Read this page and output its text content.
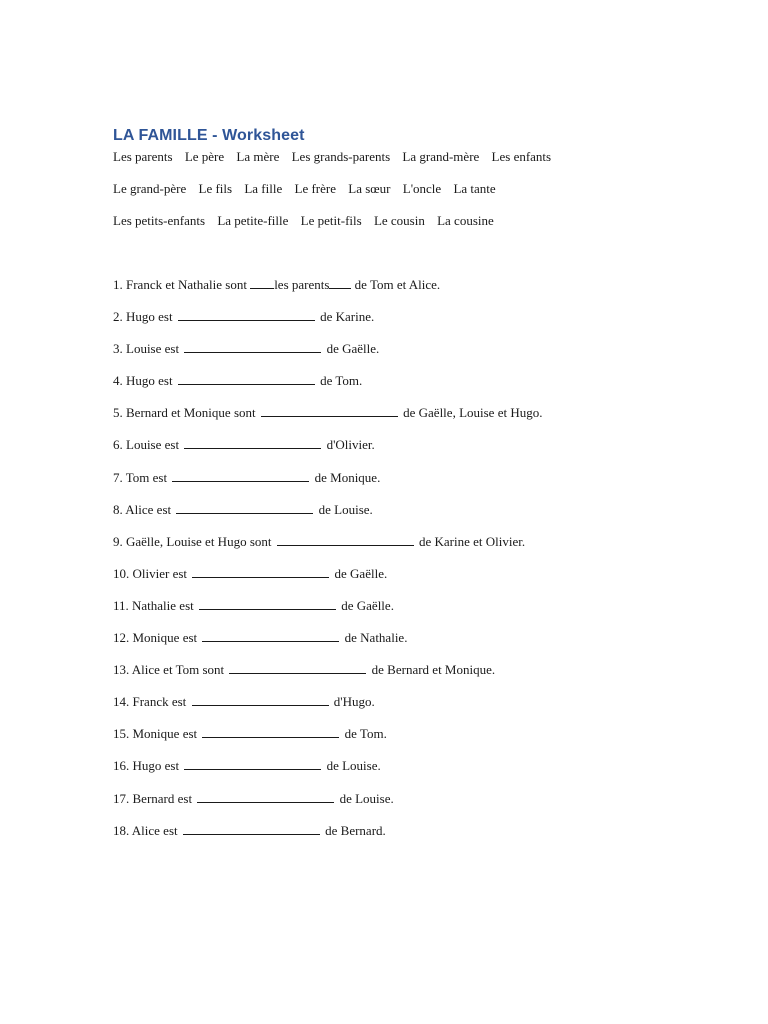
LA FAMILLE - Worksheet
Les parents Le père La mère Les grands-parents La grand-mère Les enfants
Le grand-père Le fils La fille Le frère La sœur L'oncle La tante
Les petits-enfants La petite-fille Le petit-fils Le cousin La cousine
1. Franck et Nathalie sont les parents de Tom et Alice.
2. Hugo est	de Karine.
3. Louise est	de Gaëlle.
4. Hugo est	de Tom.
5. Bernard et Monique sont	de Gaëlle, Louise et Hugo.
6. Louise est	d'Olivier.
7. Tom est	de Monique.
8. Alice est	de Louise.
9. Gaëlle, Louise et Hugo sont	de Karine et Olivier.
10. Olivier est	de Gaëlle.
11. Nathalie est	de Gaëlle.
12. Monique est	de Nathalie.
13. Alice et Tom sont	de Bernard et Monique.
14. Franck est	d'Hugo.
15. Monique est	de Tom.
16. Hugo est	de Louise.
17. Bernard est	de Louise.
18. Alice est	de Bernard.
